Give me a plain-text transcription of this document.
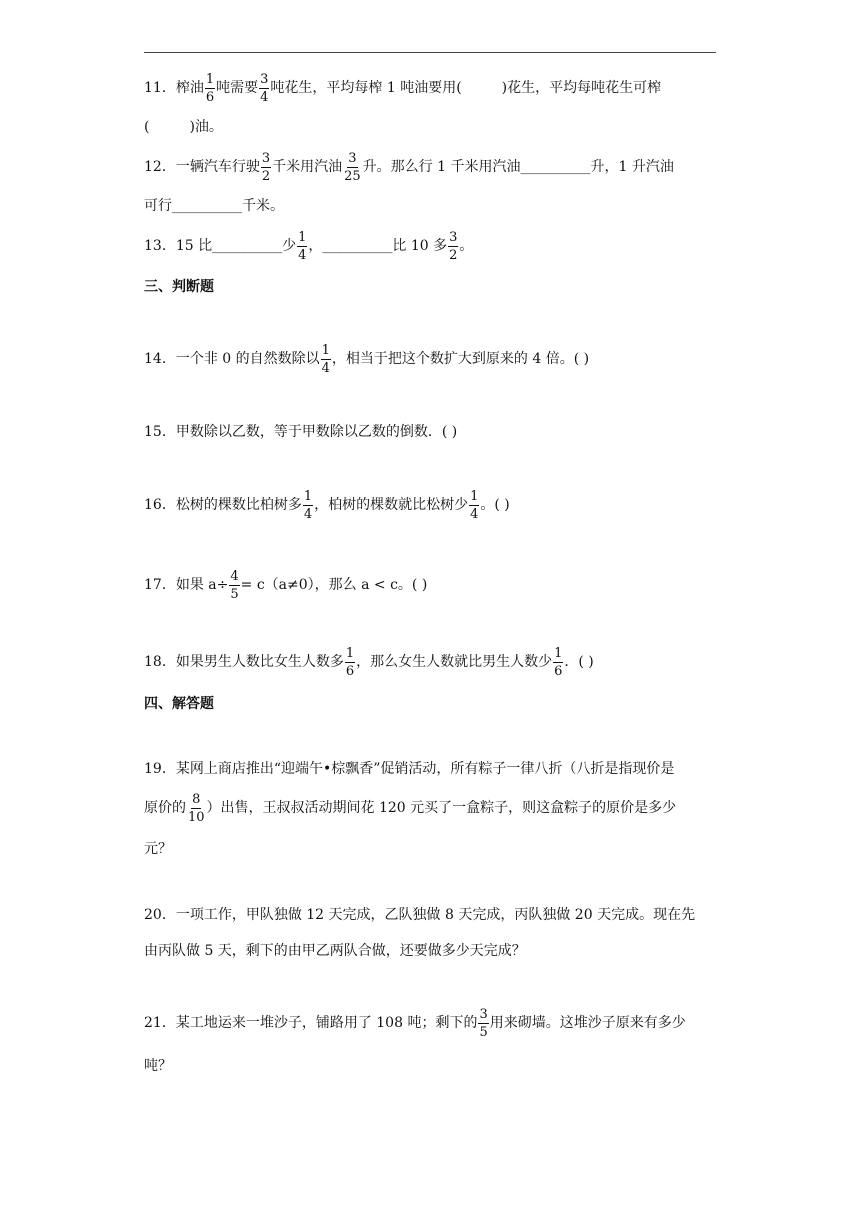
11． 榨油 $\frac{1}{6}$ 吨需要 $\frac{3}{4}$ 吨花生，平均每榨 1 吨油要用(	)花生，平均每吨花生可榨
(	)油。
12． 一辆汽车行驶 $\frac{3}{2}$ 千米用汽油 $\frac{3}{25}$ 升。那么行 1 千米用汽油__________升，1 升汽油
可行__________千米。
13． 15 比__________少 $\frac{1}{4}$ ，__________比 10 多 $\frac{3}{2}$ 。
三、判断题
14． 一个非 0 的自然数除以 $\frac{1}{4}$ ，相当于把这个数扩大到原来的 4 倍。( )
15． 甲数除以乙数，等于甲数除以乙数的倒数．( )
16． 松树的棵数比柏树多 $\frac{1}{4}$ ，柏树的棵数就比松树少 $\frac{1}{4}$ 。( )
17． 如果 $a\div \frac{4}{5} = c(a\ne 0)$，那么 a < c。( )
18． 如果男生人数比女生人数多 $\frac{1}{6}$ ，那么女生人数就比男生人数少 $\frac{1}{6}$ ．( )
四、解答题
19． 某网上商店推出“迎端午•棕飘香”促销活动，所有粽子一律八折（八折是指现价是
原价的 $\frac{8}{10}$ ）出售，王叔叔活动期间花 120 元买了一盒粽子，则这盒粽子的原价是多少
元？
20． 一项工作，甲队独做 12 天完成，乙队独做 8 天完成，丙队独做 20 天完成。现在先
由丙队做 5 天，剩下的由甲乙两队合做，还要做多少天完成？
21． 某工地运来一堆沙子，铺路用了 108 吨；剩下的 $\frac{3}{5}$ 用来砌墙。这堆沙子原来有多少
吨？
